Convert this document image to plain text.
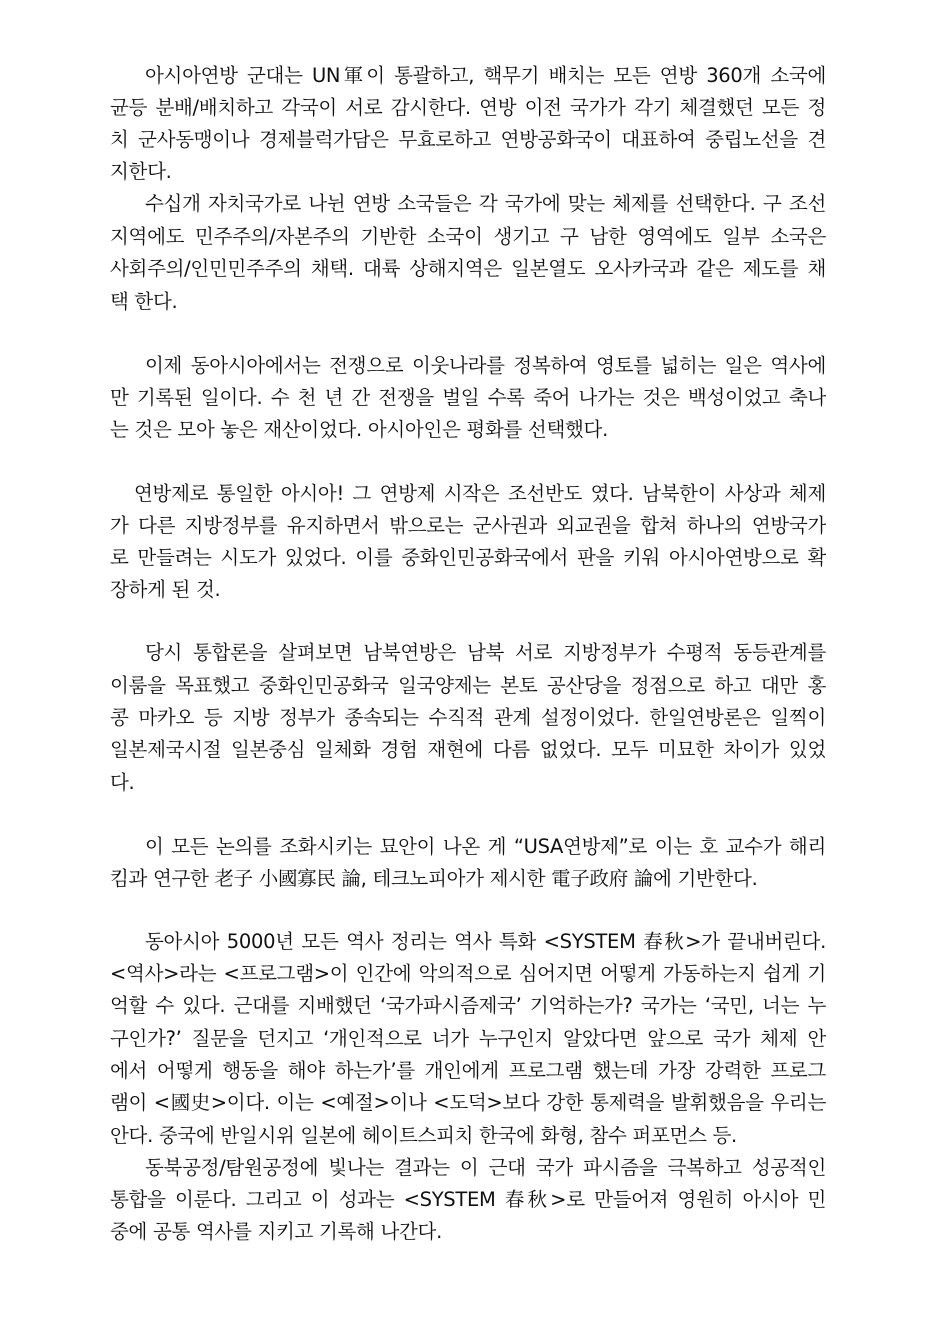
아시아연방 군대는 UN軍이 통괄하고, 핵무기 배치는 모든 연방 360개 소국에
균등 분배/배치하고 각국이 서로 감시한다. 연방 이전 국가가 각기 체결했던 모든 정
치 군사동맹이나 경제블럭가담은 무효로하고 연방공화국이 대표하여 중립노선을 견
지한다.
수십개 자치국가로 나뉜 연방 소국들은 각 국가에 맞는 체제를 선택한다. 구 조선
지역에도 민주주의/자본주의 기반한 소국이 생기고 구 남한 영역에도 일부 소국은
사회주의/인민민주주의 채택. 대륙 상해지역은 일본열도 오사카국과 같은 제도를 채
택 한다.
이제 동아시아에서는 전쟁으로 이웃나라를 정복하여 영토를 넓히는 일은 역사에
만 기록된 일이다. 수 천 년 간 전쟁을 벌일 수록 죽어 나가는 것은 백성이었고 축나
는 것은 모아 놓은 재산이었다. 아시아인은 평화를 선택했다.
연방제로 통일한 아시아! 그 연방제 시작은 조선반도 였다. 남북한이 사상과 체제
가 다른 지방정부를 유지하면서 밖으로는 군사권과 외교권을 합쳐 하나의 연방국가
로 만들려는 시도가 있었다. 이를 중화인민공화국에서 판을 키워 아시아연방으로 확
장하게 된 것.
당시 통합론을 살펴보면 남북연방은 남북 서로 지방정부가 수평적 동등관계를
이룸을 목표했고 중화인민공화국 일국양제는 본토 공산당을 정점으로 하고 대만 홍
콩 마카오 등 지방 정부가 종속되는 수직적 관계 설정이었다. 한일연방론은 일찍이
일본제국시절 일본중심 일체화 경험 재현에 다름 없었다. 모두 미묘한 차이가 있었
다.
이 모든 논의를 조화시키는 묘안이 나온 게 “USA연방제”로 이는 호 교수가 해리
킴과 연구한 老子 小國寡民 論, 테크노피아가 제시한 電子政府 論에 기반한다.
동아시아 5000년 모든 역사 정리는 역사 특화 <SYSTEM 春秋>가 끝내버린다.
<역사>라는 <프로그램>이 인간에 악의적으로 심어지면 어떻게 가동하는지 쉽게 기
억할 수 있다. 근대를 지배했던 ‘국가파시즘제국’ 기억하는가? 국가는 ‘국민, 너는 누
구인가?’ 질문을 던지고 ‘개인적으로 너가 누구인지 알았다면 앞으로 국가 체제 안
에서 어떻게 행동을 해야 하는가’를 개인에게 프로그램 했는데 가장 강력한 프로그
램이 <國史>이다. 이는 <예절>이나 <도덕>보다 강한 통제력을 발휘했음을 우리는
안다. 중국에 반일시위 일본에 헤이트스피치 한국에 화형, 참수 퍼포먼스 등.
동북공정/탐원공정에 빛나는 결과는 이 근대 국가 파시즘을 극복하고 성공적인
통합을 이룬다. 그리고 이 성과는 <SYSTEM 春秋>로 만들어져 영원히 아시아 민
중에 공통 역사를 지키고 기록해 나간다.
